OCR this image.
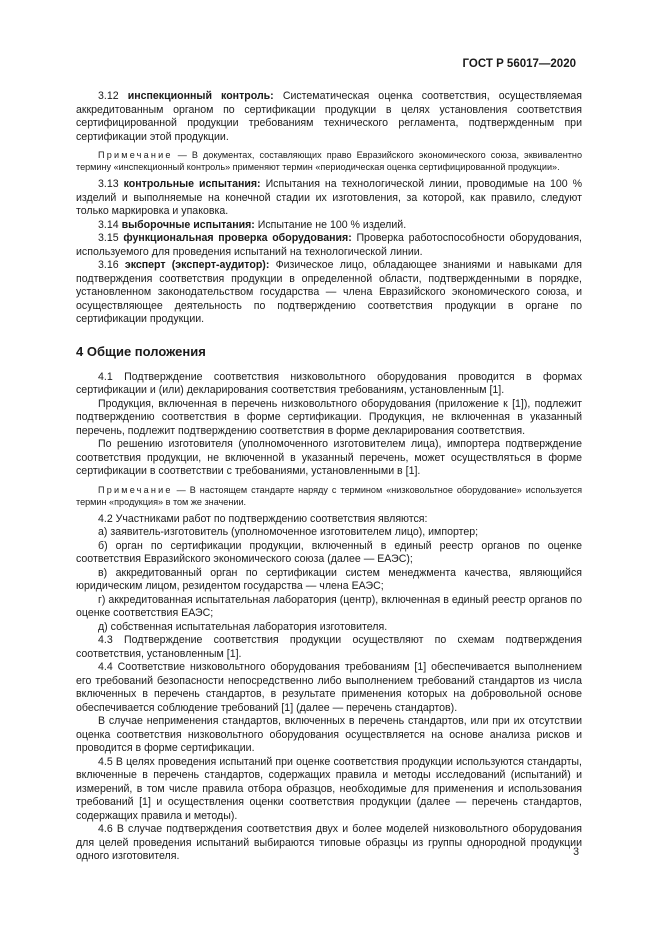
ГОСТ Р 56017—2020

3.12 инспекционный контроль: Систематическая оценка соответствия, осуществляемая аккредитованным органом по сертификации продукции в целях установления соответствия сертифицированной продукции требованиям технического регламента, подтвержденным при сертификации этой продукции.

Примечание — В документах, составляющих право Евразийского экономического союза, эквивалентно термину «инспекционный контроль» применяют термин «периодическая оценка сертифицированной продукции».

3.13 контрольные испытания: Испытания на технологической линии, проводимые на 100 % изделий и выполняемые на конечной стадии их изготовления, за которой, как правило, следуют только маркировка и упаковка.

3.14 выборочные испытания: Испытание не 100 % изделий.

3.15 функциональная проверка оборудования: Проверка работоспособности оборудования, используемого для проведения испытаний на технологической линии.

3.16 эксперт (эксперт-аудитор): Физическое лицо, обладающее знаниями и навыками для подтверждения соответствия продукции в определенной области, подтвержденными в порядке, установленном законодательством государства — члена Евразийского экономического союза, и осуществляющее деятельность по подтверждению соответствия продукции в органе по сертификации продукции.

4 Общие положения

4.1 Подтверждение соответствия низковольтного оборудования проводится в формах сертификации и (или) декларирования соответствия требованиям, установленным [1].

Продукция, включенная в перечень низковольтного оборудования (приложение к [1]), подлежит подтверждению соответствия в форме сертификации. Продукция, не включенная в указанный перечень, подлежит подтверждению соответствия в форме декларирования соответствия.

По решению изготовителя (уполномоченного изготовителем лица), импортера подтверждение соответствия продукции, не включенной в указанный перечень, может осуществляться в форме сертификации в соответствии с требованиями, установленными в [1].

Примечание — В настоящем стандарте наряду с термином «низковольтное оборудование» используется термин «продукция» в том же значении.

4.2 Участниками работ по подтверждению соответствия являются:

а) заявитель-изготовитель (уполномоченное изготовителем лицо), импортер;

б) орган по сертификации продукции, включенный в единый реестр органов по оценке соответствия Евразийского экономического союза (далее — ЕАЭС);

в) аккредитованный орган по сертификации систем менеджмента качества, являющийся юридическим лицом, резидентом государства — члена ЕАЭС;

г) аккредитованная испытательная лаборатория (центр), включенная в единый реестр органов по оценке соответствия ЕАЭС;

д) собственная испытательная лаборатория изготовителя.

4.3 Подтверждение соответствия продукции осуществляют по схемам подтверждения соответствия, установленным [1].

4.4 Соответствие низковольтного оборудования требованиям [1] обеспечивается выполнением его требований безопасности непосредственно либо выполнением требований стандартов из числа включенных в перечень стандартов, в результате применения которых на добровольной основе обеспечивается соблюдение требований [1] (далее — перечень стандартов).

В случае неприменения стандартов, включенных в перечень стандартов, или при их отсутствии оценка соответствия низковольтного оборудования осуществляется на основе анализа рисков и проводится в форме сертификации.

4.5 В целях проведения испытаний при оценке соответствия продукции используются стандарты, включенные в перечень стандартов, содержащих правила и методы исследований (испытаний) и измерений, в том числе правила отбора образцов, необходимые для применения и использования требований [1] и осуществления оценки соответствия продукции (далее — перечень стандартов, содержащих правила и методы).

4.6 В случае подтверждения соответствия двух и более моделей низковольтного оборудования для целей проведения испытаний выбираются типовые образцы из группы однородной продукции одного изготовителя.	3
